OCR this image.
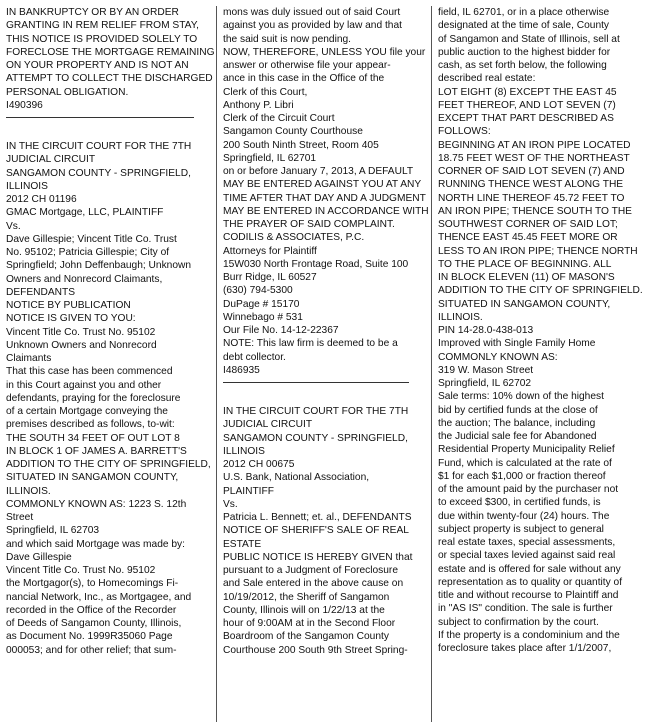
IN BANKRUPTCY OR BY AN ORDER
GRANTING IN REM RELIEF FROM STAY,
THIS NOTICE IS PROVIDED SOLELY TO
FORECLOSE THE MORTGAGE REMAINING
ON YOUR PROPERTY AND IS NOT AN
ATTEMPT TO COLLECT THE DISCHARGED
PERSONAL OBLIGATION.
I490396
IN THE CIRCUIT COURT FOR THE 7TH
JUDICIAL CIRCUIT
SANGAMON COUNTY - SPRINGFIELD,
ILLINOIS
2012 CH 01196
GMAC Mortgage, LLC, PLAINTIFF
Vs.
Dave Gillespie; Vincent Title Co. Trust
No. 95102; Patricia Gillespie; City of
Springfield; John Deffenbaugh; Unknown
Owners and Nonrecord Claimants,
DEFENDANTS
NOTICE BY PUBLICATION
NOTICE IS GIVEN TO YOU:
Vincent Title Co. Trust No. 95102
Unknown Owners and Nonrecord
Claimants
That this case has been commenced
in this Court against you and other
defendants, praying for the foreclosure
of a certain Mortgage conveying the
premises described as follows, to-wit:
THE SOUTH 34 FEET OF OUT LOT 8
IN BLOCK 1 OF JAMES A. BARRETT'S
ADDITION TO THE CITY OF SPRINGFIELD,
SITUATED IN SANGAMON COUNTY,
ILLINOIS.
COMMONLY KNOWN AS: 1223 S. 12th
Street
Springfield, IL 62703
and which said Mortgage was made by:
Dave Gillespie
Vincent Title Co. Trust No. 95102
the Mortgagor(s), to Homecomings Fi-
nancial Network, Inc., as Mortgagee, and
recorded in the Office of the Recorder
of Deeds of Sangamon County, Illinois,
as Document No. 1999R35060 Page
000053; and for other relief; that sum-
mons was duly issued out of said Court
against you as provided by law and that
the said suit is now pending.
NOW, THEREFORE, UNLESS YOU file your
answer or otherwise file your appear-
ance in this case in the Office of the
Clerk of this Court,
Anthony P. Libri
Clerk of the Circuit Court
Sangamon County Courthouse
200 South Ninth Street, Room 405
Springfield, IL 62701
on or before January 7, 2013, A DEFAULT
MAY BE ENTERED AGAINST YOU AT ANY
TIME AFTER THAT DAY AND A JUDGMENT
MAY BE ENTERED IN ACCORDANCE WITH
THE PRAYER OF SAID COMPLAINT.
CODILIS & ASSOCIATES, P.C.
Attorneys for Plaintiff
15W030 North Frontage Road, Suite 100
Burr Ridge, IL 60527
(630) 794-5300
DuPage # 15170
Winnebago # 531
Our File No. 14-12-22367
NOTE: This law firm is deemed to be a
debt collector.
I486935
IN THE CIRCUIT COURT FOR THE 7TH
JUDICIAL CIRCUIT
SANGAMON COUNTY - SPRINGFIELD,
ILLINOIS
2012 CH 00675
U.S. Bank, National Association,
PLAINTIFF
Vs.
Patricia L. Bennett; et. al., DEFENDANTS
NOTICE OF SHERIFF'S SALE OF REAL
ESTATE
PUBLIC NOTICE IS HEREBY GIVEN that
pursuant to a Judgment of Foreclosure
and Sale entered in the above cause on
10/19/2012, the Sheriff of Sangamon
County, Illinois will on 1/22/13 at the
hour of 9:00AM at in the Second Floor
Boardroom of the Sangamon County
Courthouse 200 South 9th Street Spring-
field, IL 62701, or in a place otherwise
designated at the time of sale, County
of Sangamon and State of Illinois, sell at
public auction to the highest bidder for
cash, as set forth below, the following
described real estate:
LOT EIGHT (8) EXCEPT THE EAST 45
FEET THEREOF, AND LOT SEVEN (7)
EXCEPT THAT PART DESCRIBED AS
FOLLOWS:
BEGINNING AT AN IRON PIPE LOCATED
18.75 FEET WEST OF THE NORTHEAST
CORNER OF SAID LOT SEVEN (7) AND
RUNNING THENCE WEST ALONG THE
NORTH LINE THEREOF 45.72 FEET TO
AN IRON PIPE; THENCE SOUTH TO THE
SOUTHWEST CORNER OF SAID LOT;
THENCE EAST 45.45 FEET MORE OR
LESS TO AN IRON PIPE; THENCE NORTH
TO THE PLACE OF BEGINNING. ALL
IN BLOCK ELEVEN (11) OF MASON'S
ADDITION TO THE CITY OF SPRINGFIELD.
SITUATED IN SANGAMON COUNTY,
ILLINOIS.
PIN 14-28.0-438-013
Improved with Single Family Home
COMMONLY KNOWN AS:
319 W. Mason Street
Springfield, IL 62702
Sale terms: 10% down of the highest
bid by certified funds at the close of
the auction; The balance, including
the Judicial sale fee for Abandoned
Residential Property Municipality Relief
Fund, which is calculated at the rate of
$1 for each $1,000 or fraction thereof
of the amount paid by the purchaser not
to exceed $300, in certified funds, is
due within twenty-four (24) hours. The
subject property is subject to general
real estate taxes, special assessments,
or special taxes levied against said real
estate and is offered for sale without any
representation as to quality or quantity of
title and without recourse to Plaintiff and
in "AS IS" condition. The sale is further
subject to confirmation by the court.
If the property is a condominium and the
foreclosure takes place after 1/1/2007,
